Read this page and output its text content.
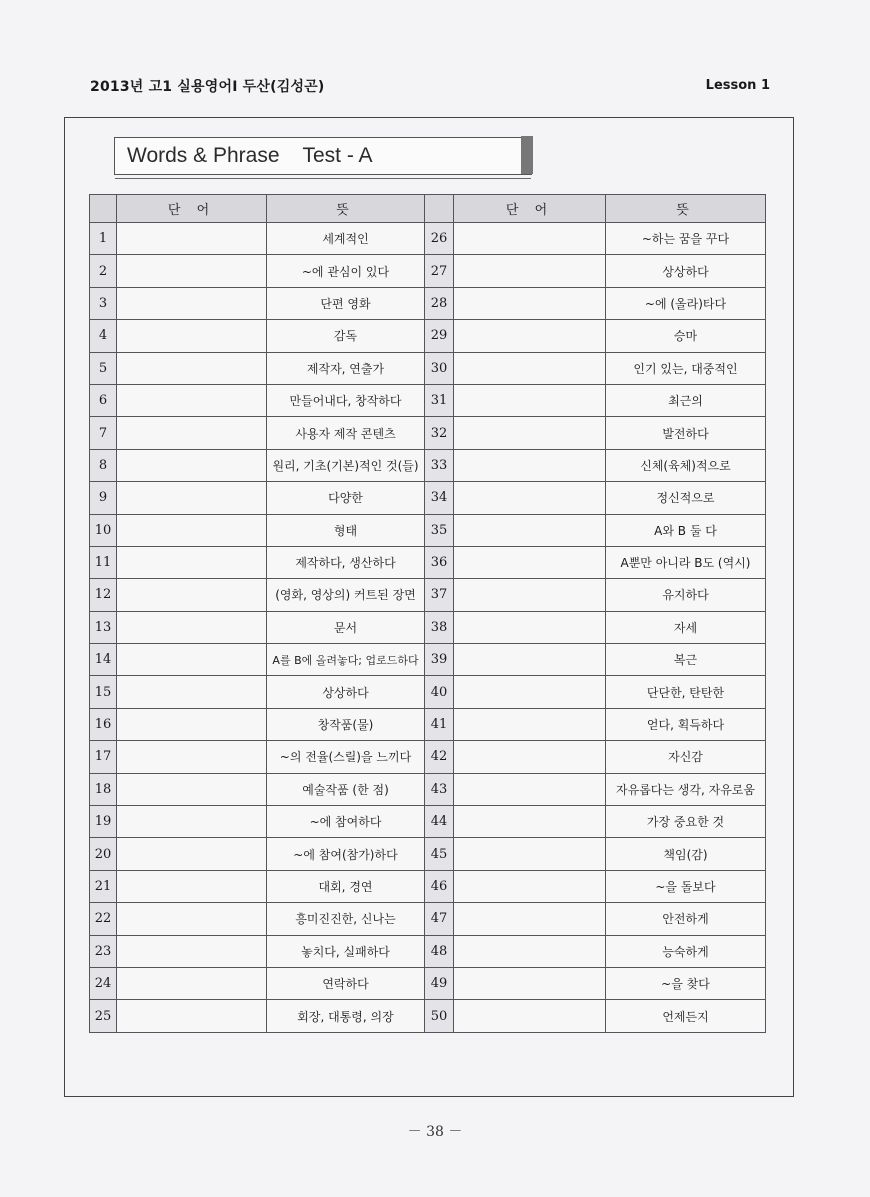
2013년 고1 실용영어I 두산(김성곤)	Lesson 1
Words & Phrase    Test - A
	단 어	뜻		단 어	뜻
1		세계적인	26		~하는 꿈을 꾸다
2		~에 관심이 있다	27		상상하다
3		단편 영화	28		~에 (올라)타다
4		감독	29		승마
5		제작자, 연출가	30		인기 있는, 대중적인
6		만들어내다, 창작하다	31		최근의
7		사용자 제작 콘텐츠	32		발전하다
8		원리, 기초(기본)적인 것(들)	33		신체(육체)적으로
9		다양한	34		정신적으로
10		형태	35		A와 B 둘 다
11		제작하다, 생산하다	36		A뿐만 아니라 B도 (역시)
12		(영화, 영상의) 커트된 장면	37		유지하다
13		문서	38		자세
14		A를 B에 올려놓다; 업로드하다	39		복근
15		상상하다	40		단단한, 탄탄한
16		창작품(물)	41		얻다, 획득하다
17		~의 전율(스릴)을 느끼다	42		자신감
18		예술작품 (한 점)	43		자유롭다는 생각, 자유로움
19		~에 참여하다	44		가장 중요한 것
20		~에 참여(참가)하다	45		책임(감)
21		대회, 경연	46		~을 돌보다
22		흥미진진한, 신나는	47		안전하게
23		놓치다, 실패하다	48		능숙하게
24		연락하다	49		~을 찾다
25		회장, 대통령, 의장	50		언제든지
－ 38 －
